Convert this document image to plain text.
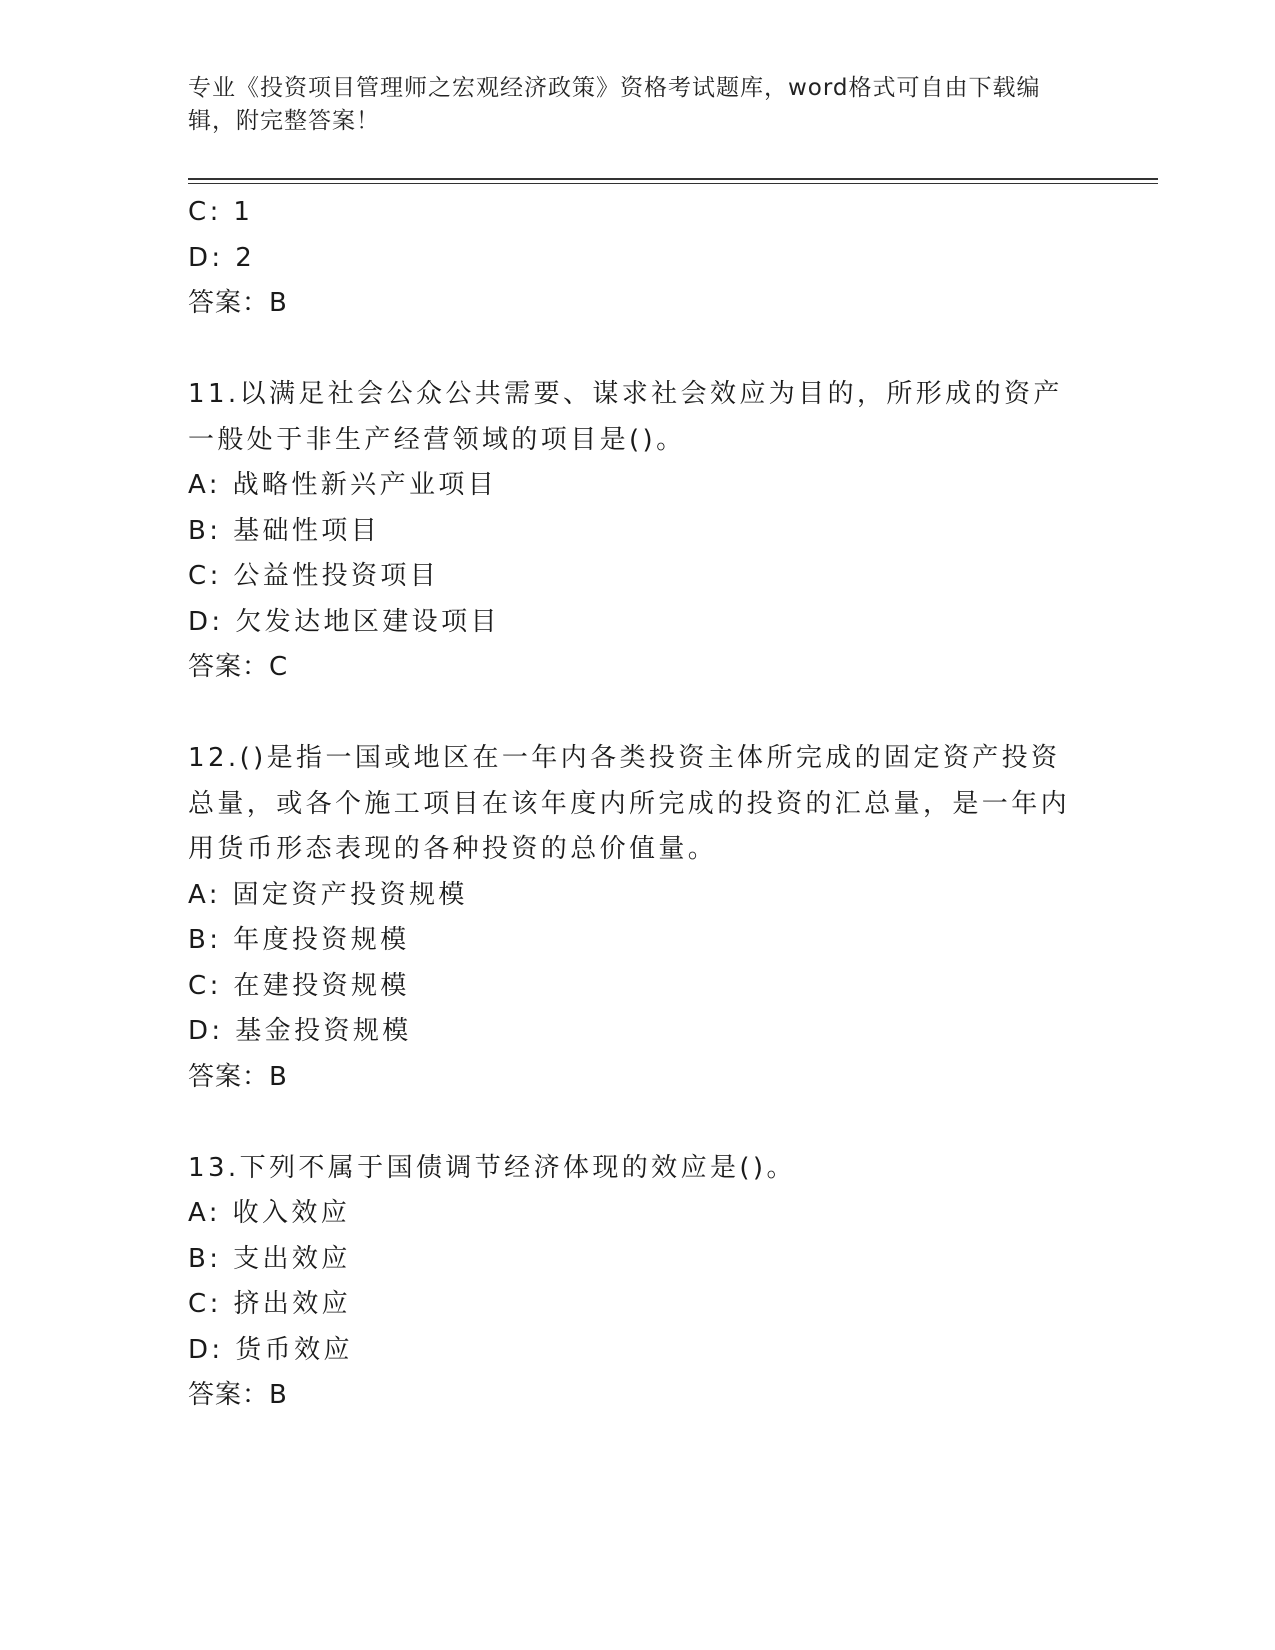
专业《投资项目管理师之宏观经济政策》资格考试题库，word格式可自由下载编辑，附完整答案！
C: 1
D: 2
答案：B
11.以满足社会公众公共需要、谋求社会效应为目的，所形成的资产一般处于非生产经营领域的项目是()。
A: 战略性新兴产业项目
B: 基础性项目
C: 公益性投资项目
D: 欠发达地区建设项目
答案：C
12.()是指一国或地区在一年内各类投资主体所完成的固定资产投资总量，或各个施工项目在该年度内所完成的投资的汇总量，是一年内用货币形态表现的各种投资的总价值量。
A: 固定资产投资规模
B: 年度投资规模
C: 在建投资规模
D: 基金投资规模
答案：B
13.下列不属于国债调节经济体现的效应是()。
A: 收入效应
B: 支出效应
C: 挤出效应
D: 货币效应
答案：B
